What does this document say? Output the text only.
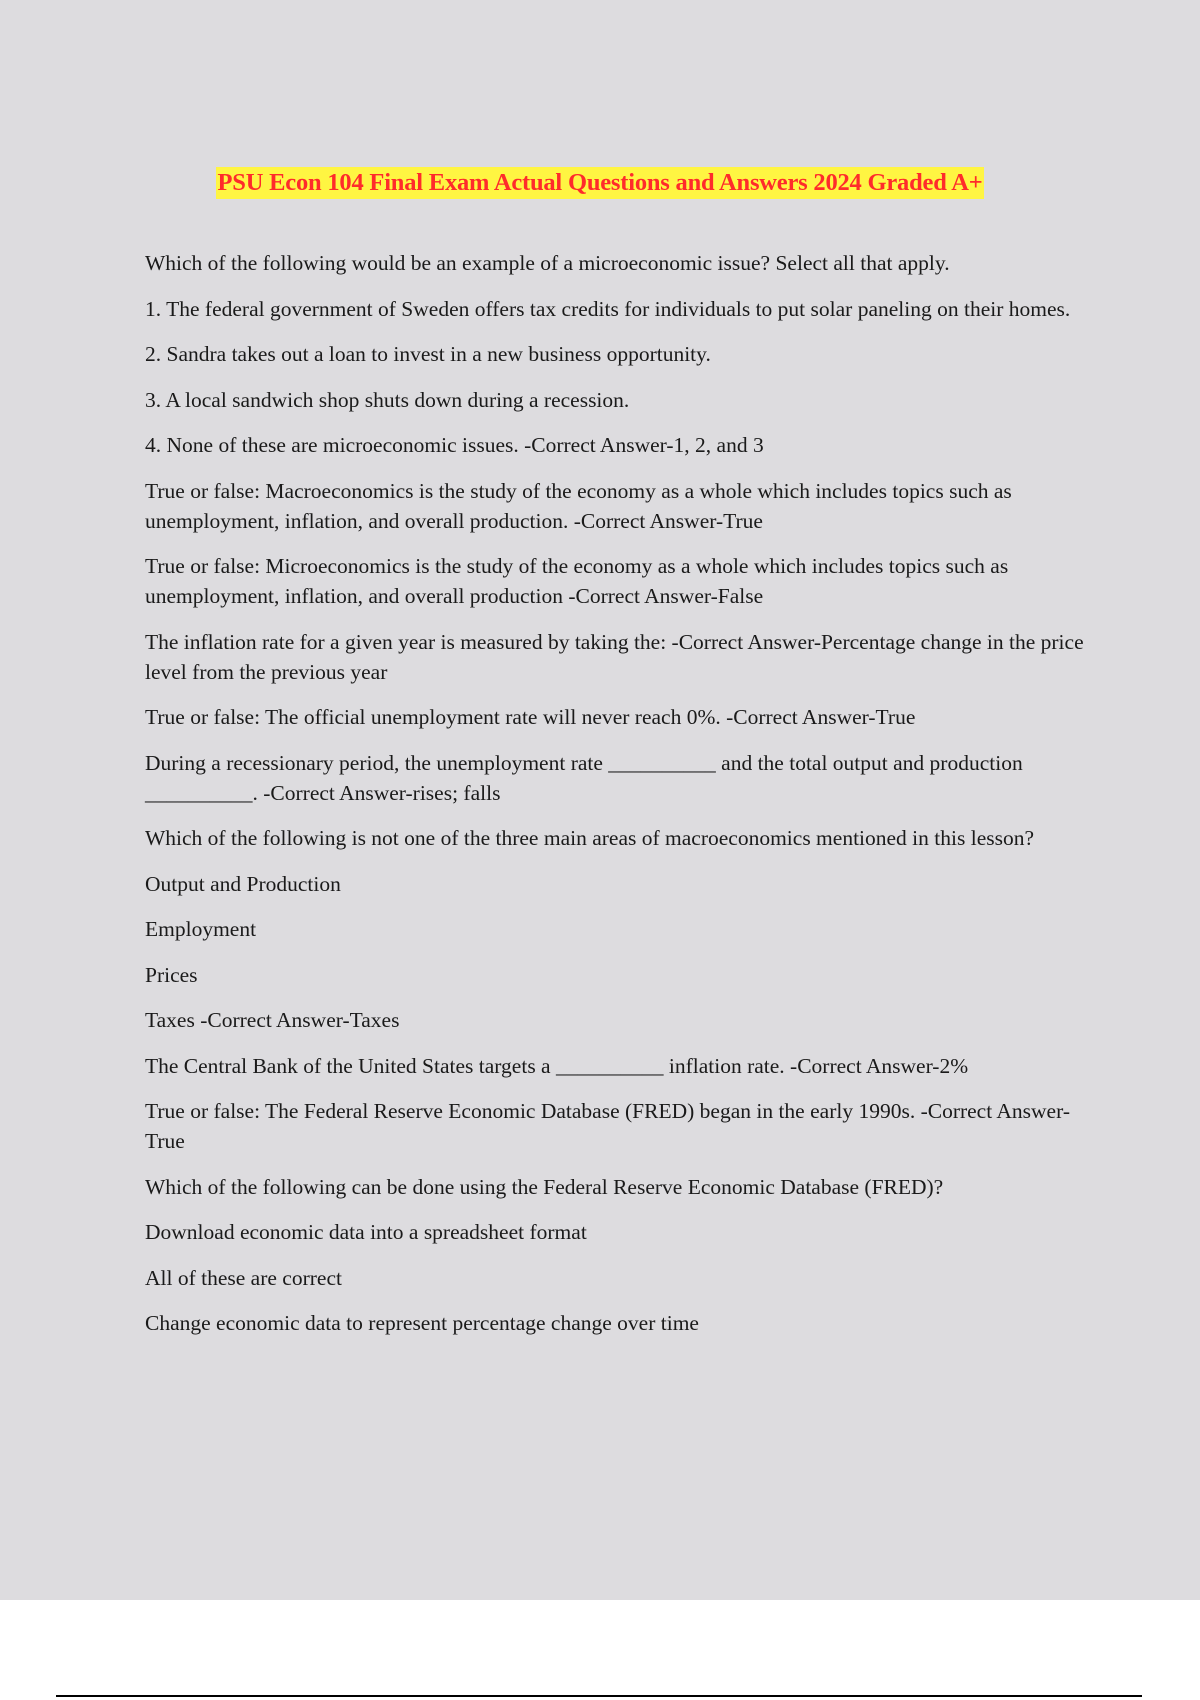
PSU Econ 104 Final Exam Actual Questions and Answers 2024 Graded A+

Which of the following would be an example of a microeconomic issue? Select all that apply.

1. The federal government of Sweden offers tax credits for individuals to put solar paneling on their homes.

2. Sandra takes out a loan to invest in a new business opportunity.

3. A local sandwich shop shuts down during a recession.

4. None of these are microeconomic issues. -Correct Answer-1, 2, and 3

True or false: Macroeconomics is the study of the economy as a whole which includes topics such as unemployment, inflation, and overall production. -Correct Answer-True

True or false: Microeconomics is the study of the economy as a whole which includes topics such as unemployment, inflation, and overall production -Correct Answer-False

The inflation rate for a given year is measured by taking the: -Correct Answer-Percentage change in the price level from the previous year

True or false: The official unemployment rate will never reach 0%. -Correct Answer-True

During a recessionary period, the unemployment rate __________ and the total output and production __________. -Correct Answer-rises; falls

Which of the following is not one of the three main areas of macroeconomics mentioned in this lesson?

Output and Production

Employment

Prices

Taxes -Correct Answer-Taxes

The Central Bank of the United States targets a __________ inflation rate. -Correct Answer-2%

True or false: The Federal Reserve Economic Database (FRED) began in the early 1990s. -Correct Answer-True

Which of the following can be done using the Federal Reserve Economic Database (FRED)?

Download economic data into a spreadsheet format

All of these are correct

Change economic data to represent percentage change over time
